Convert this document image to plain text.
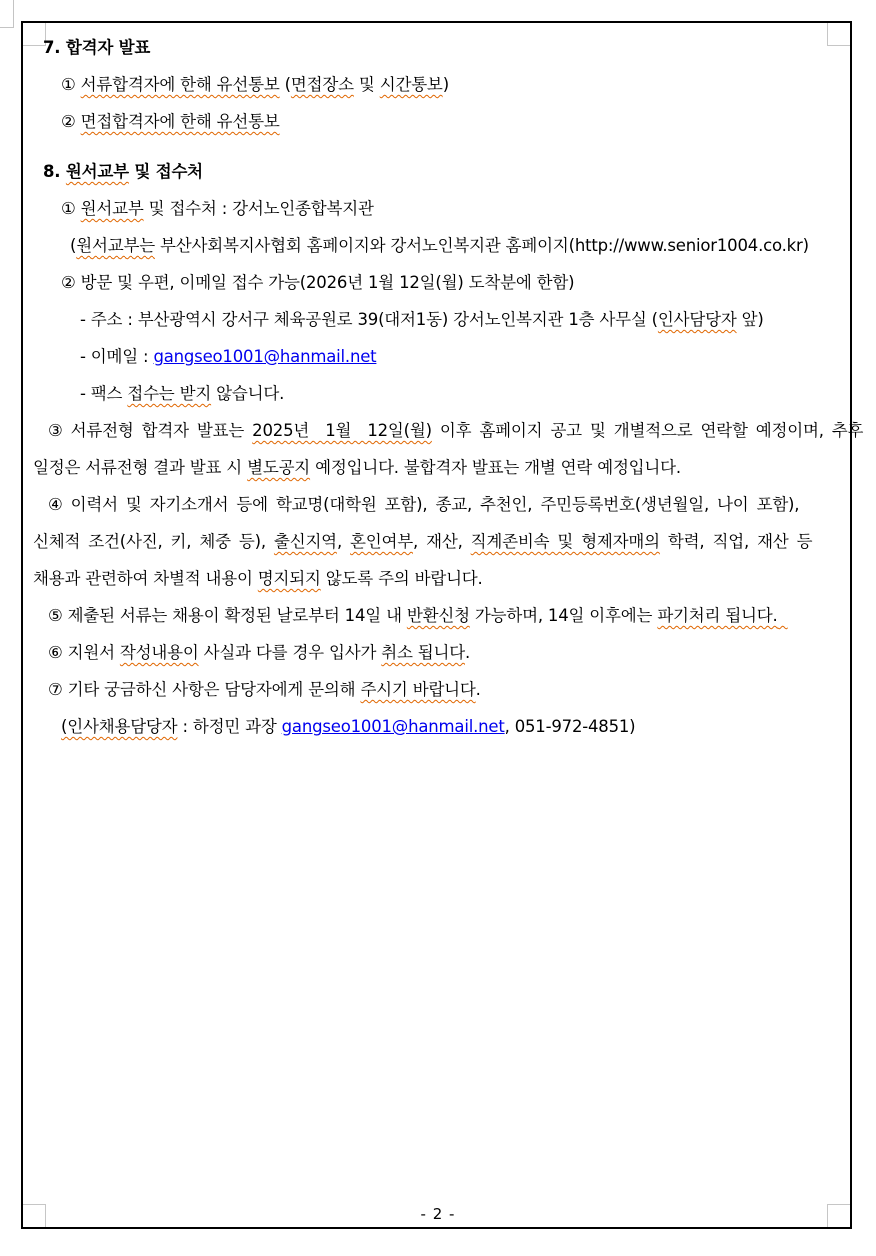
7. 합격자 발표
① 서류합격자에 한해 유선통보 (면접장소 및 시간통보)
② 면접합격자에 한해 유선통보
8. 원서교부 및 접수처
① 원서교부 및 접수처 : 강서노인종합복지관
(원서교부는 부산사회복지사협회 홈페이지와 강서노인복지관 홈페이지(http://www.senior1004.co.kr)
② 방문 및 우편, 이메일 접수 가능(2026년 1월 12일(월) 도착분에 한함)
- 주소 : 부산광역시 강서구 체육공원로 39(대저1동) 강서노인복지관 1층 사무실 (인사담당자 앞)
- 이메일 : gangseo1001@hanmail.net
- 팩스 접수는 받지 않습니다.
③ 서류전형 합격자 발표는 2025년  1월  12일(월) 이후 홈페이지 공고 및 개별적으로 연락할 예정이며, 추후
일정은 서류전형 결과 발표 시 별도공지 예정입니다. 불합격자 발표는 개별 연락 예정입니다.
④ 이력서 및 자기소개서 등에 학교명(대학원 포함), 종교, 추천인, 주민등록번호(생년월일, 나이 포함),
신체적 조건(사진, 키, 체중 등), 출신지역, 혼인여부, 재산, 직계존비속 및 형제자매의 학력, 직업, 재산 등
채용과 관련하여 차별적 내용이 명지되지 않도록 주의 바랍니다.
⑤ 제출된 서류는 채용이 확정된 날로부터 14일 내 반환신청 가능하며, 14일 이후에는 파기처리 됩니다.
⑥ 지원서 작성내용이 사실과 다를 경우 입사가 취소 됩니다.
⑦ 기타 궁금하신 사항은 담당자에게 문의해 주시기 바랍니다.
(인사채용담당자 : 하정민 과장 gangseo1001@hanmail.net, 051-972-4851)
- 2 -
